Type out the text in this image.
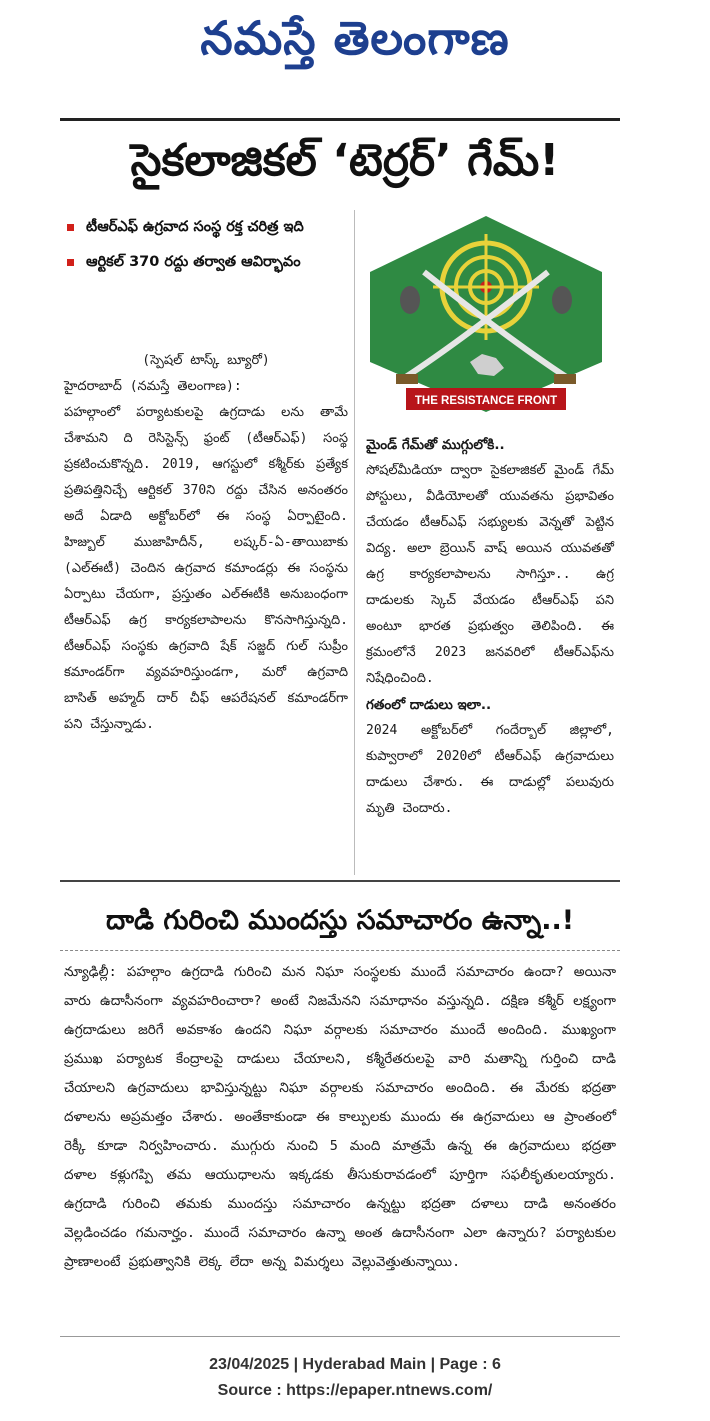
నమస్తే తెలంగాణ
సైకలాజికల్ ‘టెర్రర్’ గేమ్!
టీఆర్ఎఫ్ ఉగ్రవాద సంస్థ రక్త చరిత్ర ఇది
ఆర్టికల్ 370 రద్దు తర్వాత ఆవిర్భావం

(స్పెషల్ టాస్క్ బ్యూరో)

హైదరాబాద్ (నమస్తే తెలంగాణ):

పహల్గాంలో పర్యాటకులపై ఉగ్రదాడు లను తామే చేశామని ది రెసిస్టెన్స్ ఫ్రంట్ (టీఆర్ఎఫ్) సంస్థ ప్రకటించుకొన్నది. 2019, ఆగస్టులో కశ్మీర్‌కు ప్రత్యేక ప్రతిపత్తినిచ్చే ఆర్టికల్ 370ని రద్దు చేసిన అనంతరం అదే ఏడాది అక్టోబర్‌లో ఈ సంస్థ ఏర్పాటైంది. హిజ్బుల్ ముజాహిదీన్, లష్కర్-ఏ-తాయిబాకు (ఎల్ఈటీ) చెందిన ఉగ్రవాద కమాండర్లు ఈ సంస్థను ఏర్పాటు చేయగా, ప్రస్తుతం ఎల్ఈటీకి అనుబంధంగా టీఆర్ఎఫ్ ఉగ్ర కార్యకలాపాలను కొనసాగిస్తున్నది. టీఆర్ఎఫ్ సంస్థకు ఉగ్రవాది షేక్ సజ్జద్ గుల్ సుప్రీం కమాండర్‌గా వ్యవహరిస్తుండగా, మరో ఉగ్రవాది బాసిత్ అహ్మద్ దార్ చీఫ్ ఆపరేషనల్ కమాండర్‌గా పని చేస్తున్నాడు.

THE RESISTANCE FRONT

మైండ్ గేమ్‌తో ముగ్గులోకి..

సోషల్‌మీడియా ద్వారా సైకలాజికల్ మైండ్ గేమ్ పోస్టులు, వీడియోలతో యువతను ప్రభావితం చేయడం టీఆర్ఎఫ్ సభ్యులకు వెన్నతో పెట్టిన విద్య. అలా బ్రెయిన్ వాష్ అయిన యువతతో ఉగ్ర కార్యకలాపాలను సాగిస్తూ.. ఉగ్ర దాడులకు స్కెచ్ వేయడం టీఆర్ఎఫ్ పని అంటూ భారత ప్రభుత్వం తెలిపింది. ఈ క్రమంలోనే 2023 జనవరిలో టీఆర్ఎఫ్‌ను నిషేధించింది.

గతంలో దాడులు ఇలా..

2024 అక్టోబర్‌లో గందేర్బాల్ జిల్లాలో, కుప్వారాలో 2020లో టీఆర్ఎఫ్ ఉగ్రవాదులు దాడులు చేశారు. ఈ దాడుల్లో పలువురు మృతి చెందారు.

దాడి గురించి ముందస్తు సమాచారం ఉన్నా..!

న్యూఢిల్లీ: పహల్గాం ఉగ్రదాడి గురించి మన నిఘా సంస్థలకు ముందే సమాచారం ఉందా? అయినా వారు ఉదాసీనంగా వ్యవహరించారా? అంటే నిజమేనని సమాధానం వస్తున్నది. దక్షిణ కశ్మీర్ లక్ష్యంగా ఉగ్రదాడులు జరిగే అవకాశం ఉందని నిఘా వర్గాలకు సమాచారం ముందే అందింది. ముఖ్యంగా ప్రముఖ పర్యాటక కేంద్రాలపై దాడులు చేయాలని, కశ్మీరేతరులపై వారి మతాన్ని గుర్తించి దాడి చేయాలని ఉగ్రవాదులు భావిస్తున్నట్టు నిఘా వర్గాలకు సమాచారం అందింది. ఈ మేరకు భద్రతా దళాలను అప్రమత్తం చేశారు. అంతేకాకుండా ఈ కాల్పులకు ముందు ఈ ఉగ్రవాదులు ఆ ప్రాంతంలో రెక్కీ కూడా నిర్వహించారు. ముగ్గురు నుంచి 5 మంది మాత్రమే ఉన్న ఈ ఉగ్రవాదులు భద్రతా దళాల కళ్లుగప్పి తమ ఆయుధాలను ఇక్కడకు తీసుకురావడంలో పూర్తిగా సఫలీకృతులయ్యారు. ఉగ్రదాడి గురించి తమకు ముందస్తు సమాచారం ఉన్నట్టు భద్రతా దళాలు దాడి అనంతరం వెల్లడించడం గమనార్హం. ముందే సమాచారం ఉన్నా అంత ఉదాసీనంగా ఎలా ఉన్నారు? పర్యాటకుల ప్రాణాలంటే ప్రభుత్వానికి లెక్క లేదా అన్న విమర్శలు వెల్లువెత్తుతున్నాయి.

23/04/2025 | Hyderabad Main | Page : 6
Source : https://epaper.ntnews.com/
